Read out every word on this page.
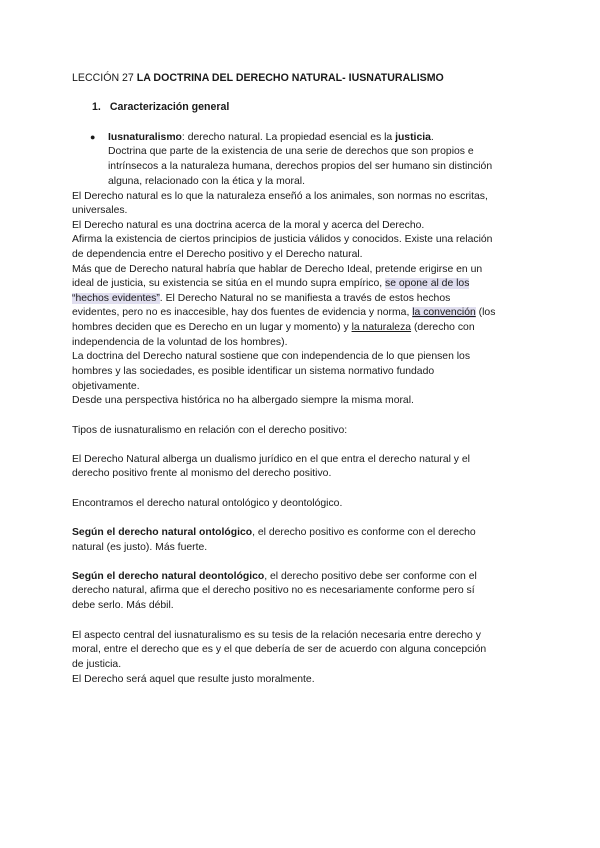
LECCIÓN 27 LA DOCTRINA DEL DERECHO NATURAL- IUSNATURALISMO
1. Caracterización general
● Iusnaturalismo: derecho natural. La propiedad esencial es la justicia.
Doctrina que parte de la existencia de una serie de derechos que son propios e
intrínsecos a la naturaleza humana, derechos propios del ser humano sin distinción
alguna, relacionado con la ética y la moral.
El Derecho natural es lo que la naturaleza enseñó a los animales, son normas no escritas,
universales.
El Derecho natural es una doctrina acerca de la moral y acerca del Derecho.
Afirma la existencia de ciertos principios de justicia válidos y conocidos. Existe una relación
de dependencia entre el Derecho positivo y el Derecho natural.
Más que de Derecho natural habría que hablar de Derecho Ideal, pretende erigirse en un
ideal de justicia, su existencia se sitúa en el mundo supra empírico, se opone al de los
“hechos evidentes”. El Derecho Natural no se manifiesta a través de estos hechos
evidentes, pero no es inaccesible, hay dos fuentes de evidencia y norma, la convención (los
hombres deciden que es Derecho en un lugar y momento) y la naturaleza (derecho con
independencia de la voluntad de los hombres).
La doctrina del Derecho natural sostiene que con independencia de lo que piensen los
hombres y las sociedades, es posible identificar un sistema normativo fundado
objetivamente.
Desde una perspectiva histórica no ha albergado siempre la misma moral.
Tipos de iusnaturalismo en relación con el derecho positivo:
El Derecho Natural alberga un dualismo jurídico en el que entra el derecho natural y el
derecho positivo frente al monismo del derecho positivo.
Encontramos el derecho natural ontológico y deontológico.
Según el derecho natural ontológico, el derecho positivo es conforme con el derecho
natural (es justo). Más fuerte.
Según el derecho natural deontológico, el derecho positivo debe ser conforme con el
derecho natural, afirma que el derecho positivo no es necesariamente conforme pero sí
debe serlo. Más débil.
El aspecto central del iusnaturalismo es su tesis de la relación necesaria entre derecho y
moral, entre el derecho que es y el que debería de ser de acuerdo con alguna concepción
de justicia.
El Derecho será aquel que resulte justo moralmente.
